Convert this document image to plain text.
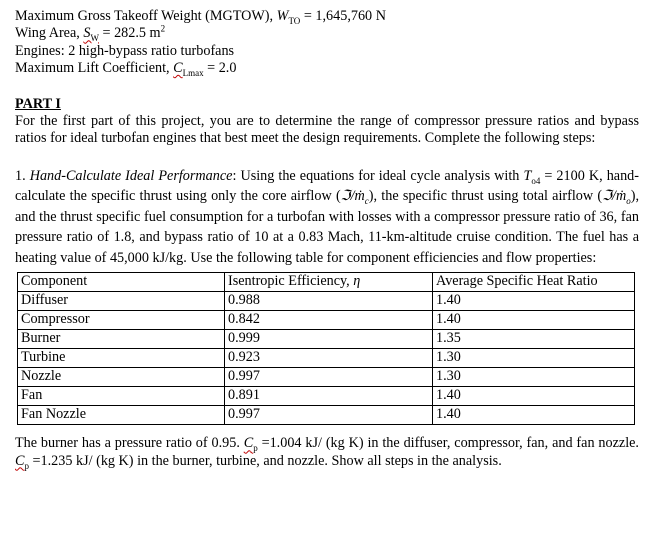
Maximum Gross Takeoff Weight (MGTOW), $W_{TO} = 1,645,760$ N
Wing Area, $S_W = 282.5$ $m^2$
Engines: 2 high-bypass ratio turbofans
Maximum Lift Coefficient, $C_{Lmax} = 2.0$
PART I
For the first part of this project, you are to determine the range of compressor pressure ratios and bypass ratios for ideal turbofan engines that best meet the design requirements. Complete the following steps:
1. Hand-Calculate Ideal Performance: Using the equations for ideal cycle analysis with $T_{o4} = 2100$ K, hand-calculate the specific thrust using only the core airflow (ℑ/ṁ$_c$), the specific thrust using total airflow (ℑ/ṁ$_o$), and the thrust specific fuel consumption for a turbofan with losses with a compressor pressure ratio of 36, fan pressure ratio of 1.8, and bypass ratio of 10 at a 0.83 Mach, 11-km-altitude cruise condition. The fuel has a heating value of 45,000 kJ/kg. Use the following table for component efficiencies and flow properties:
Component	Isentropic Efficiency, η	Average Specific Heat Ratio
Diffuser	0.988	1.40
Compressor	0.842	1.40
Burner	0.999	1.35
Turbine	0.923	1.30
Nozzle	0.997	1.30
Fan	0.891	1.40
Fan Nozzle	0.997	1.40
The burner has a pressure ratio of 0.95. $C_p =1.004$ kJ/ (kg K) in the diffuser, compressor, fan, and fan nozzle. $C_p =1.235$ kJ/ (kg K) in the burner, turbine, and nozzle. Show all steps in the analysis.
